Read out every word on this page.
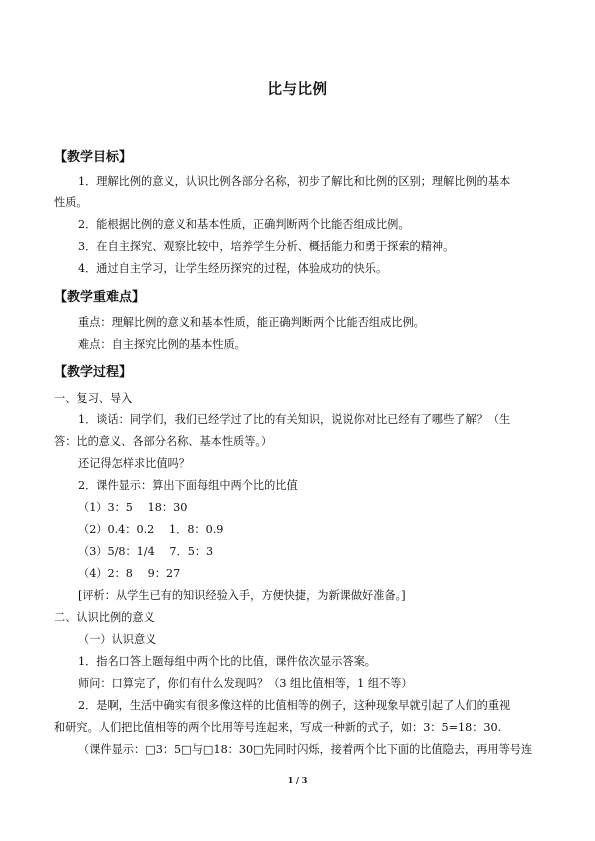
比与比例
【教学目标】
1．理解比例的意义，认识比例各部分名称，初步了解比和比例的区别；理解比例的基本
性质。
2．能根据比例的意义和基本性质，正确判断两个比能否组成比例。
3．在自主探究、观察比较中，培养学生分析、概括能力和勇于探索的精神。
4．通过自主学习，让学生经历探究的过程，体验成功的快乐。
【教学重难点】
重点：理解比例的意义和基本性质，能正确判断两个比能否组成比例。
难点：自主探究比例的基本性质。
【教学过程】
一、复习、导入
1．谈话：同学们，我们已经学过了比的有关知识，说说你对比已经有了哪些了解？（生
答：比的意义、各部分名称、基本性质等。）
还记得怎样求比值吗？
2．课件显示：算出下面每组中两个比的比值
（1）3：5　 18：30
（2）0.4：0.2　 1．8：0.9
（3）5/8：1/4　 7．5：3
（4）2：8　 9：27
[评析：从学生已有的知识经验入手，方便快捷，为新课做好准备。]
二、认识比例的意义
（一）认识意义
1．指名口答上题每组中两个比的比值，课件依次显示答案。
师问：口算完了，你们有什么发现吗？（3 组比值相等，1 组不等）
2．是啊，生活中确实有很多像这样的比值相等的例子，这种现象早就引起了人们的重视
和研究。人们把比值相等的两个比用等号连起来，写成一种新的式子，如：3：5=18：30.
（课件显示：□3：5□与□18：30□先同时闪烁，接着两个比下面的比值隐去，再用等号连
1 / 3
